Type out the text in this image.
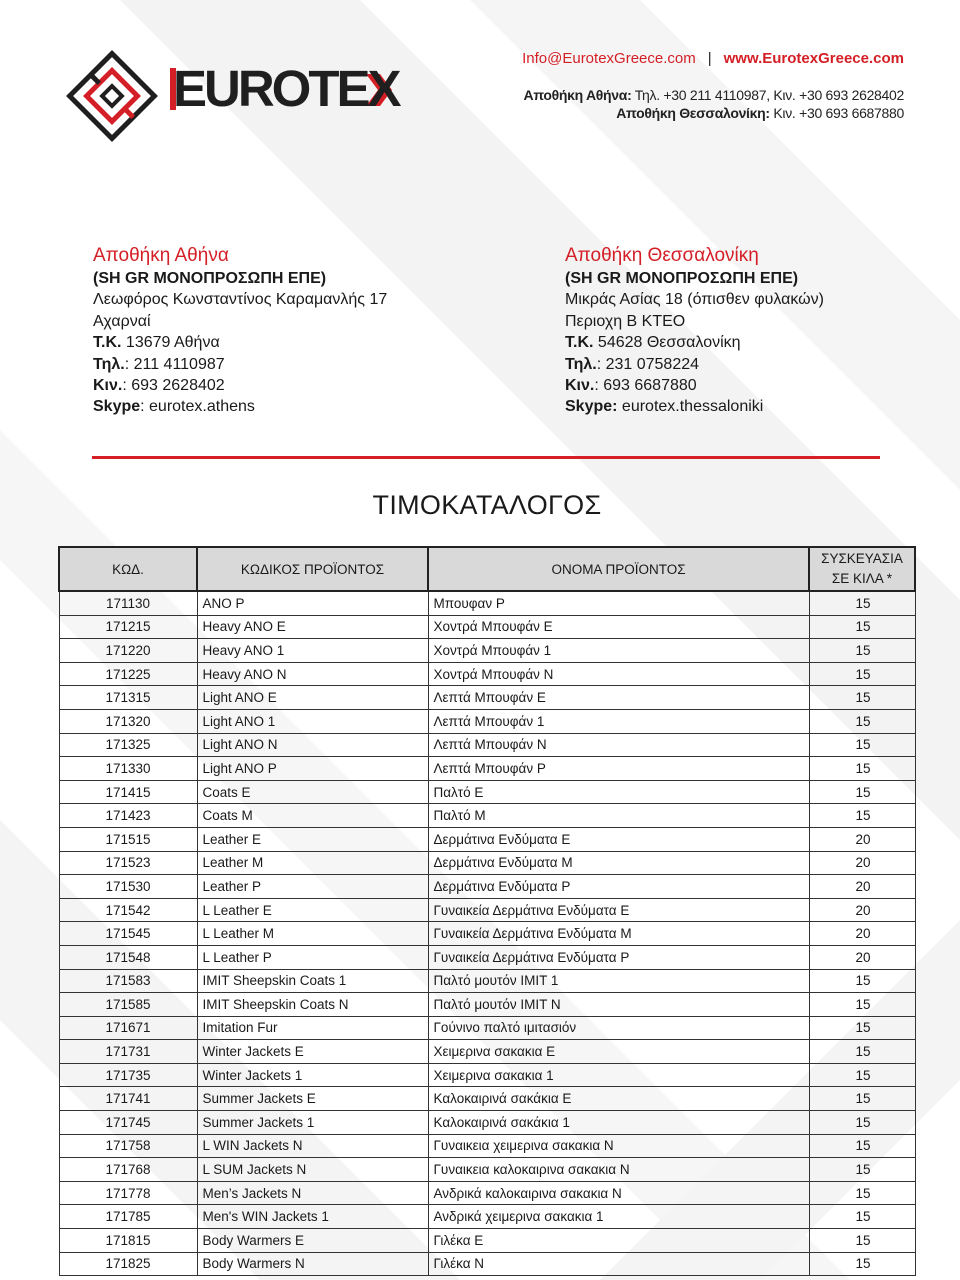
EUROTEX
Info@EurotexGreece.com | www.EurotexGreece.com
Αποθήκη Αθήνα: Τηλ. +30 211 4110987, Κιν. +30 693 2628402
Αποθήκη Θεσσαλονίκη: Κιν. +30 693 6687880
Αποθήκη Αθήνα
(SH GR ΜΟΝΟΠΡΟΣΩΠΗ ΕΠΕ)
Λεωφόρος Κωνσταντίνος Καραμανλής 17
Αχαρναί
Τ.Κ. 13679 Αθήνα
Τηλ.: 211 4110987
Κιν.: 693 2628402
Skype: eurotex.athens
Αποθήκη Θεσσαλονίκη
(SH GR ΜΟΝΟΠΡΟΣΩΠΗ ΕΠΕ)
Μικράς Ασίας 18 (όπισθεν φυλακών)
Περιοχη Β ΚΤΕΟ
Τ.Κ. 54628 Θεσσαλονίκη
Τηλ.: 231 0758224
Κιν.: 693 6687880
Skype: eurotex.thessaloniki
ΤΙΜΟΚΑΤΑΛΟΓΟΣ
ΚΩΔ.	ΚΩΔΙΚΟΣ ΠΡΟΪΟΝΤΟΣ	ΟΝΟΜΑ ΠΡΟΪΟΝΤΟΣ	ΣΥΣΚΕΥΑΣΙΑ
ΣΕ ΚΙΛΑ *
171130	ANO P	Μπουφαν P	15
171215	Heavy ANO E	Χοντρά Μπουφάν E	15
171220	Heavy ANO 1	Χοντρά Μπουφάν 1	15
171225	Heavy ANO N	Χοντρά Μπουφάν N	15
171315	Light ANO E	Λεπτά Μπουφάν E	15
171320	Light ANO 1	Λεπτά Μπουφάν 1	15
171325	Light ANO N	Λεπτά Μπουφάν N	15
171330	Light ANO P	Λεπτά Μπουφάν P	15
171415	Coats E	Παλτό E	15
171423	Coats M	Παλτό M	15
171515	Leather E	Δερμάτινα Ενδύματα E	20
171523	Leather M	Δερμάτινα Ενδύματα M	20
171530	Leather P	Δερμάτινα Ενδύματα P	20
171542	L Leather E	Γυναικεία Δερμάτινα Ενδύματα E	20
171545	L Leather M	Γυναικεία Δερμάτινα Ενδύματα M	20
171548	L Leather P	Γυναικεία Δερμάτινα Ενδύματα P	20
171583	IMIT Sheepskin Coats 1	Παλτό μουτόν IMIT 1	15
171585	IMIT Sheepskin Coats N	Παλτό μουτόν IMIT N	15
171671	Imitation Fur	Γούνινο παλτό ιμιτασιόν	15
171731	Winter Jackets E	Χειμερινα σακακια E	15
171735	Winter Jackets 1	Χειμερινα σακακια 1	15
171741	Summer Jackets E	Καλοκαιρινά σακάκια E	15
171745	Summer Jackets 1	Καλοκαιρινά σακάκια 1	15
171758	L WIN Jackets N	Γυναικεια χειμερινα σακακια N	15
171768	L SUM Jackets N	Γυναικεια καλοκαιρινα σακακια N	15
171778	Men’s Jackets N	Ανδρικά καλοκαιρινα σακακια N	15
171785	Men's WIN Jackets 1	Ανδρικά χειμερινα σακακια 1	15
171815	Body Warmers E	Γιλέκα E	15
171825	Body Warmers N	Γιλέκα N	15
